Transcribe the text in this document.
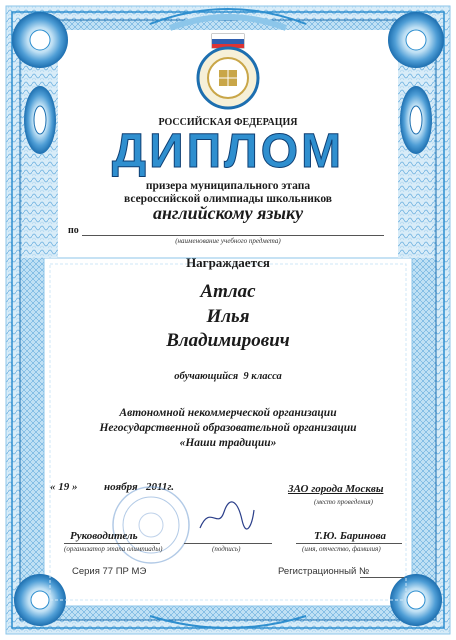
РОССИЙСКАЯ ФЕДЕРАЦИЯ
ДИПЛОМ
призера муниципального этапа
всероссийской олимпиады школьников
английскому языку
по
(наименование учебного предмета)
Награждается
Атлас
Илья
Владимирович
обучающийся  9 класса
Автономной некоммерческой организации
Негосударственной образовательной организации
«Наши традиции»
« 19 » ноября 2011г.	ЗАО города Москвы
(место проведения)
Руководитель
(организатор этапа олимпиады)	(подпись)
Т.Ю. Баринова
(имя, отчество, фамилия)
Серия 77 ПР МЭ	Регистрационный №
